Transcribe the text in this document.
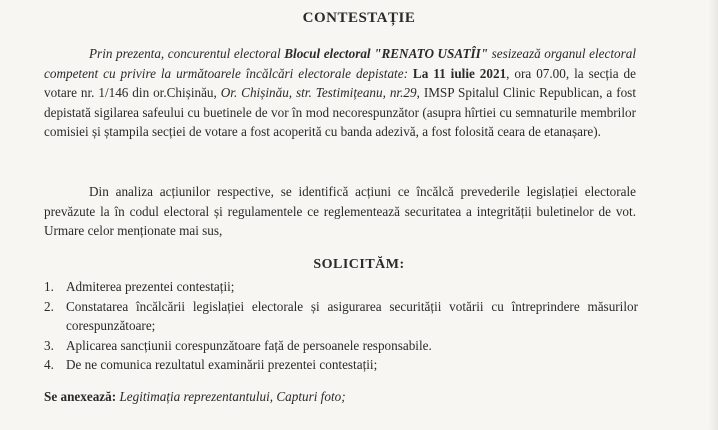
CONTESTAȚIE

Prin prezenta, concurentul electoral Blocul electoral "RENATO USATÎI" sesizează organul electoral competent cu privire la următoarele încălcări electorale depistate: La 11 iulie 2021, ora 07.00, la secția de votare nr. 1/146 din or.Chișinău, Or. Chișinău, str. Testimițeanu, nr.29, IMSP Spitalul Clinic Republican, a fost depistată sigilarea safeului cu buetinele de vor în mod necorespunzător (asupra hîrtiei cu semnaturile membrilor comisiei și ștampila secției de votare a fost acoperită cu banda adezivă, a fost folosită ceara de etanașare).

Din analiza acțiunilor respective, se identifică acțiuni ce încălcă prevederile legislației electorale prevăzute la în codul electoral și regulamentele ce reglementează securitatea a integrității buletinelor de vot. Urmare celor menționate mai sus,

SOLICITĂM:
1. Admiterea prezentei contestații;
2. Constatarea încălcării legislației electorale și asigurarea securității votării cu întreprindere măsurilor corespunzătoare;
3. Aplicarea sancțiunii corespunzătoare față de persoanele responsabile.
4. De ne comunica rezultatul examinării prezentei contestații;
Se anexează: Legitimația reprezentantului, Capturi foto;
